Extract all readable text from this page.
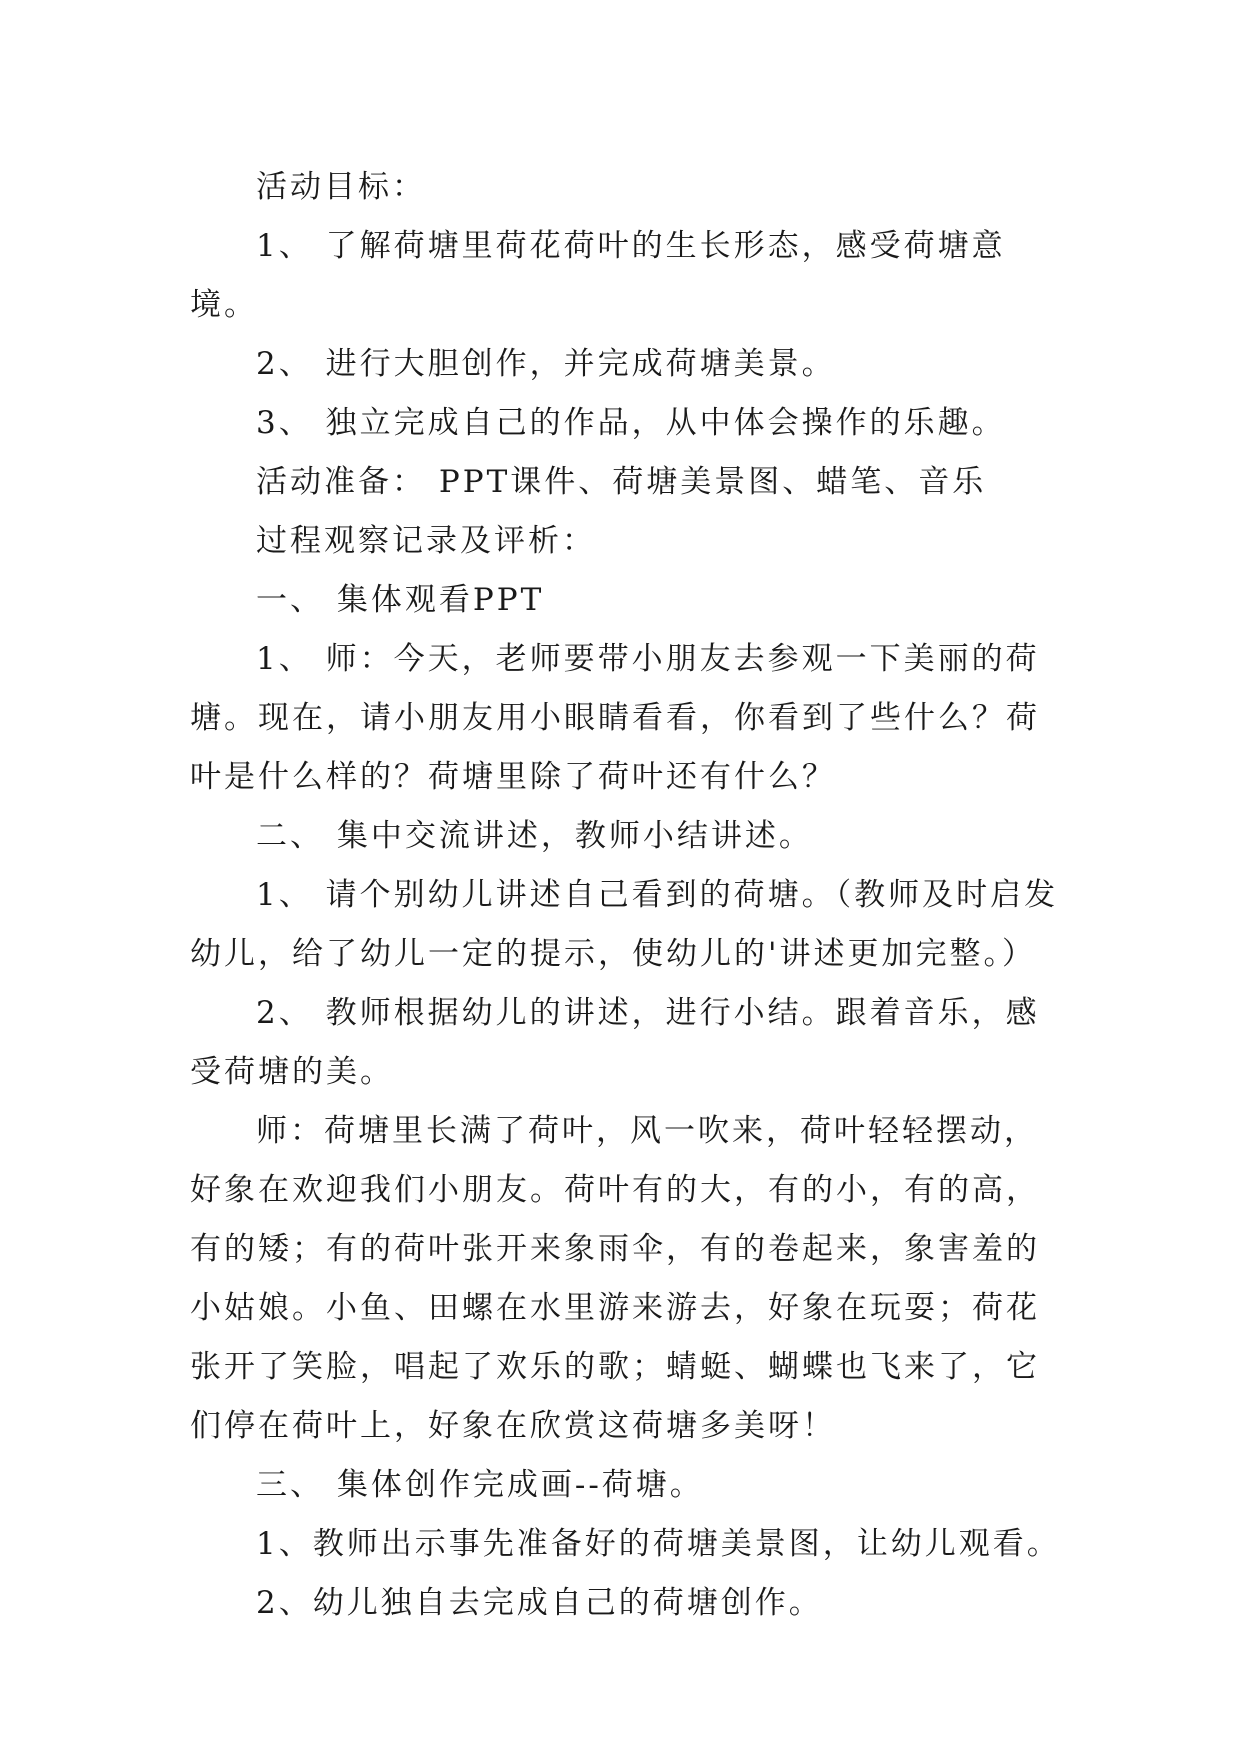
活动目标：

1、 了解荷塘里荷花荷叶的生长形态，感受荷塘意境。

2、 进行大胆创作，并完成荷塘美景。

3、 独立完成自己的作品，从中体会操作的乐趣。

活动准备： PPT课件、荷塘美景图、蜡笔、音乐

过程观察记录及评析：

一、 集体观看PPT

1、 师：今天，老师要带小朋友去参观一下美丽的荷塘。现在，请小朋友用小眼睛看看，你看到了些什么？荷叶是什么样的？荷塘里除了荷叶还有什么？

二、 集中交流讲述，教师小结讲述。

1、 请个别幼儿讲述自己看到的荷塘。（教师及时启发幼儿，给了幼儿一定的提示，使幼儿的'讲述更加完整。）

2、 教师根据幼儿的讲述，进行小结。跟着音乐，感受荷塘的美。

师：荷塘里长满了荷叶，风一吹来，荷叶轻轻摆动，好象在欢迎我们小朋友。荷叶有的大，有的小，有的高，有的矮；有的荷叶张开来象雨伞，有的卷起来，象害羞的小姑娘。小鱼、田螺在水里游来游去，好象在玩耍；荷花张开了笑脸，唱起了欢乐的歌；蜻蜓、蝴蝶也飞来了，它们停在荷叶上，好象在欣赏这荷塘多美呀！

三、 集体创作完成画--荷塘。

1、教师出示事先准备好的荷塘美景图，让幼儿观看。

2、幼儿独自去完成自己的荷塘创作。
